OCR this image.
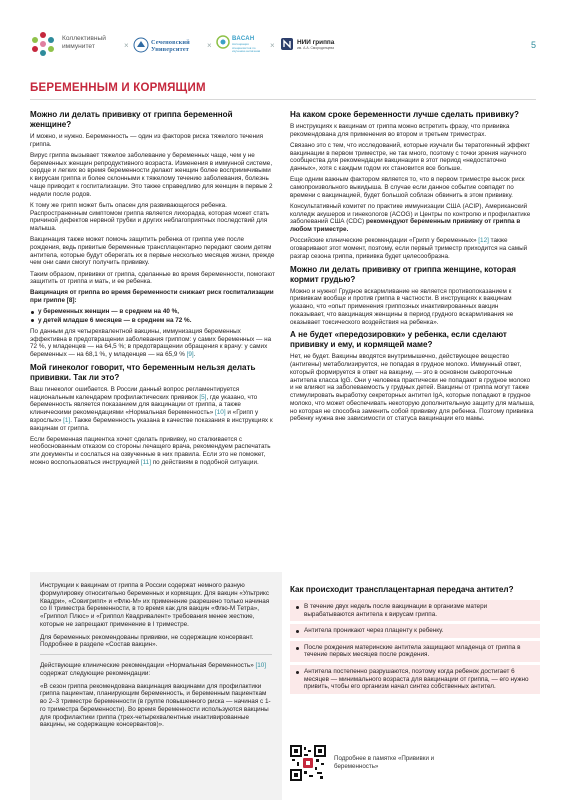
Коллективный иммунитет	×	Сеченовский Университет	×
ВАСАН
Ассоциация специалистов по изучению антигенов
×	НИИ гриппа
им. А.А. Смородинцева	5
БЕРЕМЕННЫМ И КОРМЯЩИМ
Можно ли делать прививку от гриппа беременной женщине?

И можно, и нужно. Беременность — один из факторов риска тяжелого течения гриппа.

Вирус гриппа вызывает тяжелое заболевание у беременных чаще, чем у не беременных женщин репродуктивного возраста. Изменения в иммунной системе, сердце и легких во время беременности делают женщин более восприимчивыми к вирусам гриппа и более склонными к тяжелому течению заболевания, болезнь чаще приводит к госпитализации. Это также справедливо для женщин в первые 2 недели после родов.

К тому же грипп может быть опасен для развивающегося ребенка. Распространенным симптомом гриппа является лихорадка, которая может стать причиной дефектов нервной трубки и других неблагоприятных последствий для малыша.

Вакцинация также может помочь защитить ребенка от гриппа уже после рождения, ведь привитые беременные трансплацентарно передают своим детям антитела, которые будут оберегать их в первые несколько месяцев жизни, прежде чем они сами смогут получить прививку.

Таким образом, прививки от гриппа, сделанные во время беременности, помогают защитить от гриппа и мать, и ее ребенка.

Вакцинация от гриппа во время беременности снижает риск госпитализации при гриппе [8]:

у беременных женщин — в среднем на 40 %,
у детей младше 6 месяцев — в среднем на 72 %.

По данным для четырехвалентной вакцины, иммунизация беременных эффективна в предотвращении заболевания гриппом: у самих беременных — на 72 %, у младенцев — на 64,5 %; в предотвращении обращения к врачу: у самих беременных — на 68,1 %, у младенцев — на 65,9 % [9].

Мой гинеколог говорит, что беременным нельзя делать прививки. Так ли это?

Ваш гинеколог ошибается. В России данный вопрос регламентируется национальным календарем профилактических прививок [5], где указано, что беременность является показанием для вакцинации от гриппа, а также клиническими рекомендациями «Нормальная беременность» [10] и «Грипп у взрослых» [1]. Также беременность указана в качестве показания в инструкциях к вакцинам от гриппа.

Если беременная пациентка хочет сделать прививку, но сталкивается с необоснованным отказом со стороны лечащего врача, рекомендуем распечатать эти документы и сослаться на озвученные в них правила. Если это не поможет, можно воспользоваться инструкцией [11] по действиям в подобной ситуации.

На каком сроке беременности лучше сделать прививку?

В инструкциях к вакцинам от гриппа можно встретить фразу, что прививка рекомендована для применения во втором и третьем триместрах.

Связано это с тем, что исследований, которые изучали бы тератогенный эффект вакцинации в первом триместре, не так много, поэтому с точки зрения научного сообщества для рекомендации вакцинации в этот период «недостаточно данных», хотя с каждым годом их становится все больше.

Еще одним важным фактором является то, что в первом триместре высок риск самопроизвольного выкидыша. В случае если данное событие совпадет по времени с вакцинацией, будет большой соблазн обвинить в этом прививку.

Консультативный комитет по практике иммунизации США (ACIP), Американский колледж акушеров и гинекологов (ACOG) и Центры по контролю и профилактике заболеваний США (CDC) рекомендуют беременным прививку от гриппа в любом триместре.

Российские клинические рекомендации «Грипп у беременных» [12] также оговаривают этот момент, поэтому, если первый триместр приходится на самый разгар сезона гриппа, прививка будет целесообразна.

Можно ли делать прививку от гриппа женщине, которая кормит грудью?

Можно и нужно! Грудное вскармливание не является противопоказанием к прививкам вообще и против гриппа в частности. В инструкциях к вакцинам указано, что «опыт применения гриппозных инактивированных вакцин показывает, что вакцинация женщины в период грудного вскармливания не оказывает токсического воздействия на ребенка».

А не будет «передозировки» у ребенка, если сделают прививку и ему, и кормящей маме?

Нет, не будет. Вакцины вводятся внутримышечно, действующее вещество (антигены) метаболизируется, не попадая в грудное молоко. Иммунный ответ, который формируется в ответ на вакцину, — это в основном сывороточные антитела класса IgG. Они у человека практически не попадают в грудное молоко и не влияют на заболеваемость у грудных детей. Вакцины от гриппа могут также стимулировать выработку секреторных антител IgA, которые попадают в грудное молоко, что может обеспечивать некоторую дополнительную защиту для малыша, но которая не способна заменить собой прививку для ребенка. Поэтому прививка ребенку нужна вне зависимости от статуса вакцинации его мамы.

Инструкции к вакцинам от гриппа в России содержат немного разную формулировку относительно беременных и кормящих. Для вакцин «Ультрикс Квадри», «Совигрипп» и «Флю-М» их применение разрешено только начиная со II триместра беременности, в то время как для вакцин «Флю-М Тетра», «Гриппол Плюс» и «Гриппол Квадривалент» требования менее жесткие, которые не запрещают применение в I триместре.

Для беременных рекомендованы прививки, не содержащие консервант. Подробнее в разделе «Состав вакцин».

Действующие клинические рекомендации «Нормальная беременность» [10] содержат следующие рекомендации:

«В сезон гриппа рекомендована вакцинация вакцинами для профилактики гриппа пациентам, планирующим беременность, и беременным пациенткам во 2–3 триместре беременности (в группе повышенного риска — начиная с 1-го триместра беременности). Во время беременности используются вакцины для профилактики гриппа (трех-четырехвалентные инактивированные вакцины, не содержащие консервантов)».

Как происходит трансплацентарная передача антител?
В течение двух недель после вакцинации в организме матери вырабатываются антитела к вирусам гриппа.
Антитела проникают через плаценту к ребенку.
После рождения материнские антитела защищают младенца от гриппа в течение первых месяцев после рождения.
Антитела постепенно разрушаются, поэтому когда ребенок достигает 6 месяцев — минимального возраста для вакцинации от гриппа, — его нужно привить, чтобы его организм начал синтез собственных антител.
Подробнее в памятке «Прививки и беременность»
